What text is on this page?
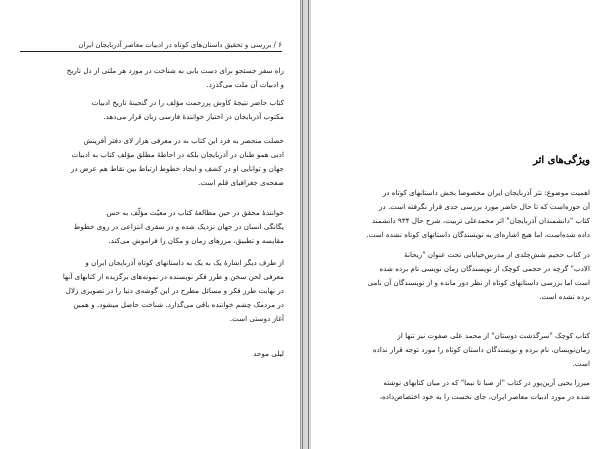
۶ / بررسی و تحقیق داستان‌های کوتاه در ادبیات معاصر آذربایجان ایران
راه سفر جستجو برای دست یابی به شناخت در مورد هر ملتی از دل تاریخ
و ادبیات آن ملت می‌گذرد.
کتاب حاضر نتیجهٔ کاوش پرزحمت مؤلف را در گنجینهٔ تاریخ ادبیات
مکتوب آذربایجان در اختیار خوانندهٔ فارسی زبان قرار می‌دهد.
خصلت منحصر به فرد این کتاب نه در معرفی هزار لای دفتر آفرینش
ادبی همو طنان در آذربایجان بلکه در احاطهٔ مطلق مؤلف کتاب به ادبیات
جهان و توانایی او در کشف و ایجاد خطوط ارتباط بین نقاط هم عرض در
صفحه‌ی جغرافیای قلم است.
خوانندهٔ محقق در حین مطالعهٔ کتاب در معیّت مؤلّف به حس
یگانگی انسان در جهان نزدیک شده و در سفری انتزاعی در روی خطوط
مقایسه و تطبیق، مرزهای زمان و مکان را فراموش می‌کند.
از طرف دیگر اشارهٔ یک به یک به داستانهای کوتاه آذربایجان ایران و
معرفی لحن سخن و طرز فکر نویسنده در نمونه‌های برگزیده از کتابهای آنها
در نهایت طرز فکر و مسائل مطرح در این گوشه‌ی دنیا را در تصویری زلال
در مردمک چشم خواننده باقی می‌گذارد. شناخت حاصل میشود. و همین
آغاز دوستی است.
لیلی موحد
ویژگی‌های اثر
اهمیت موضوع: نثر آذربایجان ایران مخصوصا بخش داستانهای کوتاه در
آن حوزه‌است که تا حال حاضر مورد بررسی جدی قرار نگرفته است. در
کتاب "دانشمندان آذربایجان" اثر محمدعلی تربیت، شرح حال ۹۳۴ دانشمند
داده شده‌است، اما هیچ اشاره‌ای به نویسندگان داستانهای کوتاه نشده است.
در کتاب حجیم شش‌جلدی از مدرس‌خیابانی تحت عنوان "ریحانهٔ
الادب" گرچه در حجمی کوچک از نویسندگان زمان نویسی نام برده شده
است اما بررسی داستانهای کوتاه از نظر دور مانده و از نویسندگان آن نامی
برده نشده است.
کتاب کوچک "سرگذشت دوستان" از محمد علی صفوت نیز تنها از
زمان‌نویسان، نام برده و نویسندگان داستان کوتاه را مورد توجه قرار نداده
است.
میرزا یحیی آرین‌پور در کتاب "از صبا تا نیما" که در میان کتابهای نوشته
شده در مورد ادبیات معاصر ایران، جای نخست را به خود اختصاص‌داده،
